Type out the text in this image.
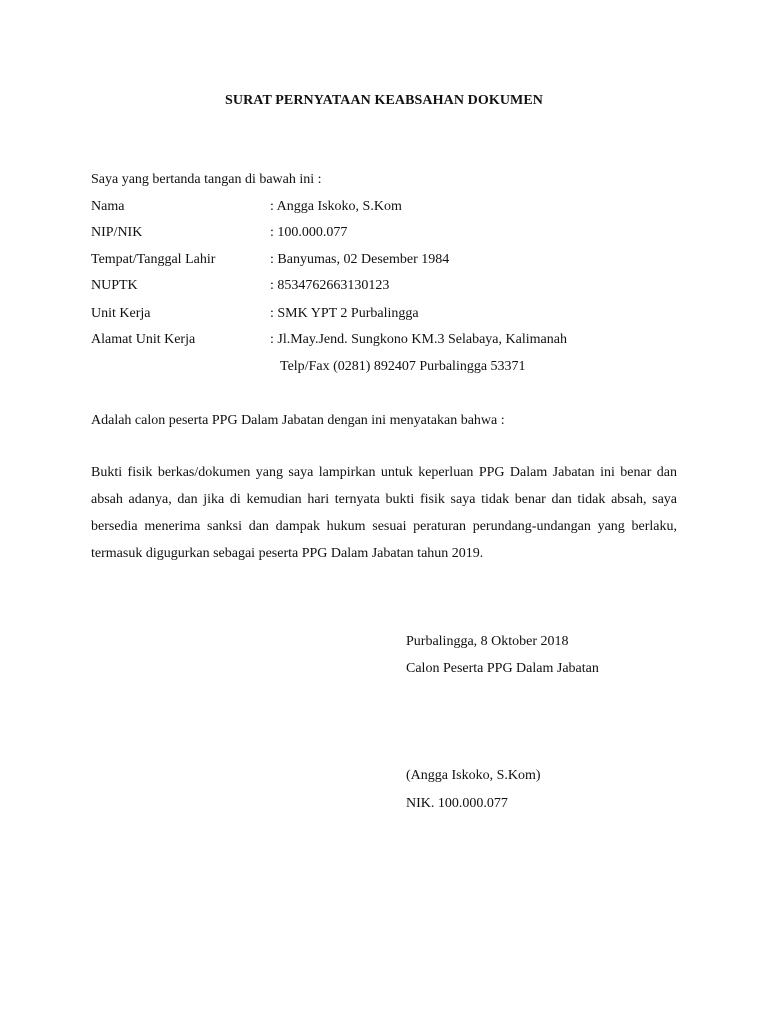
SURAT PERNYATAAN KEABSAHAN DOKUMEN
Saya yang bertanda tangan di bawah ini :
Nama	: Angga Iskoko, S.Kom
NIP/NIK	: 100.000.077
Tempat/Tanggal Lahir	: Banyumas, 02 Desember 1984
NUPTK	: 8534762663130123
Unit Kerja	: SMK YPT 2 Purbalingga
Alamat Unit Kerja	: Jl.May.Jend. Sungkono KM.3 Selabaya, Kalimanah
Telp/Fax (0281) 892407 Purbalingga 53371
Adalah calon peserta PPG Dalam Jabatan dengan ini menyatakan bahwa :
Bukti fisik berkas/dokumen yang saya lampirkan untuk keperluan PPG Dalam Jabatan ini benar dan absah adanya, dan jika di kemudian hari ternyata bukti fisik saya tidak benar dan tidak absah, saya bersedia menerima sanksi dan dampak hukum sesuai peraturan perundang-undangan yang berlaku, termasuk digugurkan sebagai peserta PPG Dalam Jabatan tahun 2019.
Purbalingga, 8 Oktober 2018
Calon Peserta PPG Dalam Jabatan
(Angga Iskoko, S.Kom)
NIK. 100.000.077
